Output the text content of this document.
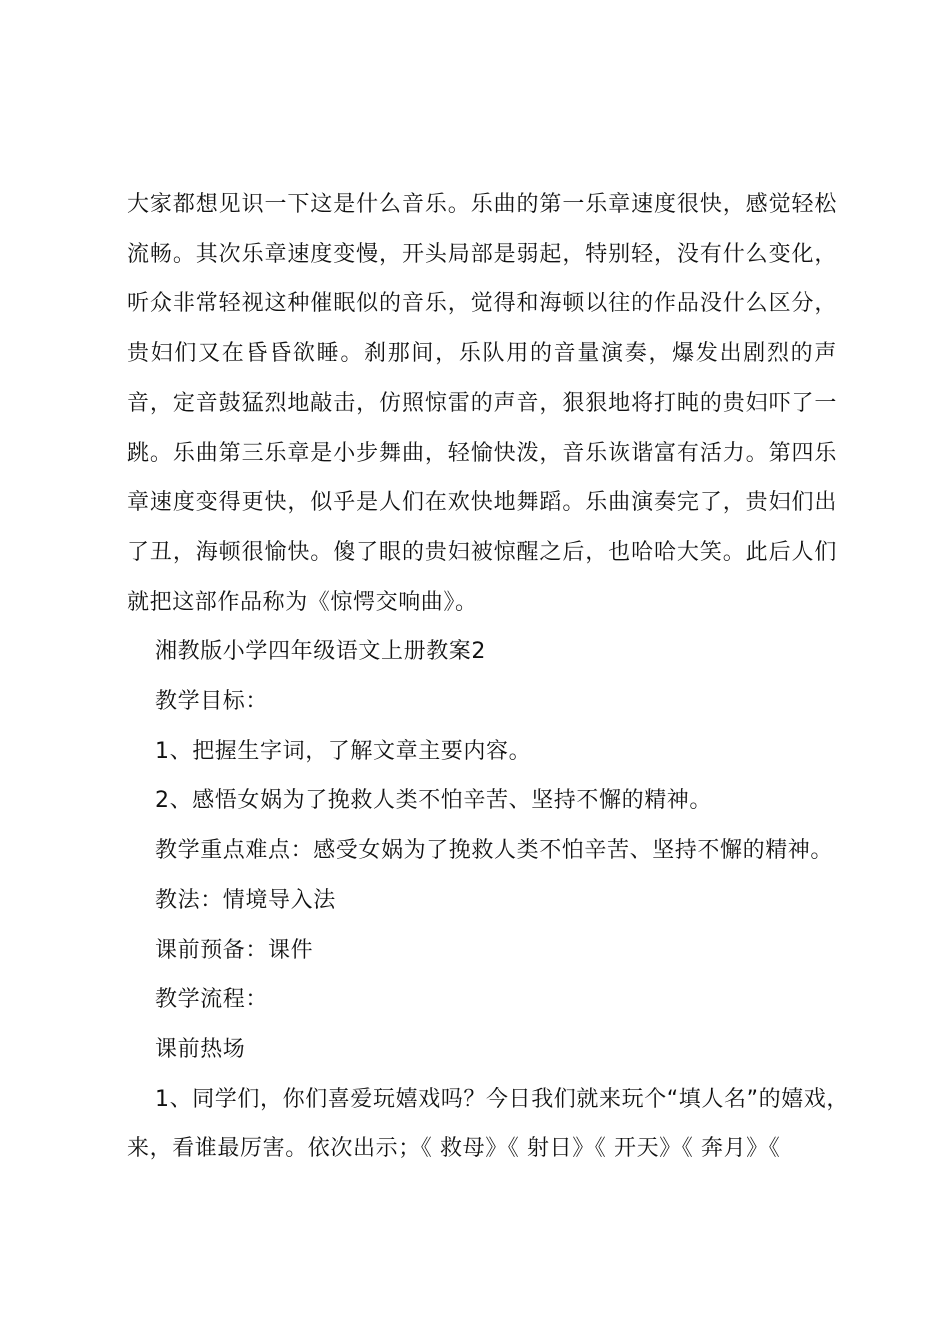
大家都想见识一下这是什么音乐。乐曲的第一乐章速度很快，感觉轻松流畅。其次乐章速度变慢，开头局部是弱起，特别轻，没有什么变化，听众非常轻视这种催眠似的音乐，觉得和海顿以往的作品没什么区分，贵妇们又在昏昏欲睡。刹那间，乐队用的音量演奏，爆发出剧烈的声音，定音鼓猛烈地敲击，仿照惊雷的声音，狠狠地将打盹的贵妇吓了一跳。乐曲第三乐章是小步舞曲，轻愉快泼，音乐诙谐富有活力。第四乐章速度变得更快，似乎是人们在欢快地舞蹈。乐曲演奏完了，贵妇们出了丑，海顿很愉快。傻了眼的贵妇被惊醒之后，也哈哈大笑。此后人们就把这部作品称为《惊愕交响曲》。

湘教版小学四年级语文上册教案2
教学目标：
1、把握生字词，了解文章主要内容。
2、感悟女娲为了挽救人类不怕辛苦、坚持不懈的精神。
教学重点难点：感受女娲为了挽救人类不怕辛苦、坚持不懈的精神。
教法：情境导入法
课前预备：课件
教学流程：
课前热场
1、同学们，你们喜爱玩嬉戏吗？今日我们就来玩个“填人名”的嬉戏，
来，看谁最厉害。依次出示；《 救母》《 射日》《 开天》《 奔月》《
